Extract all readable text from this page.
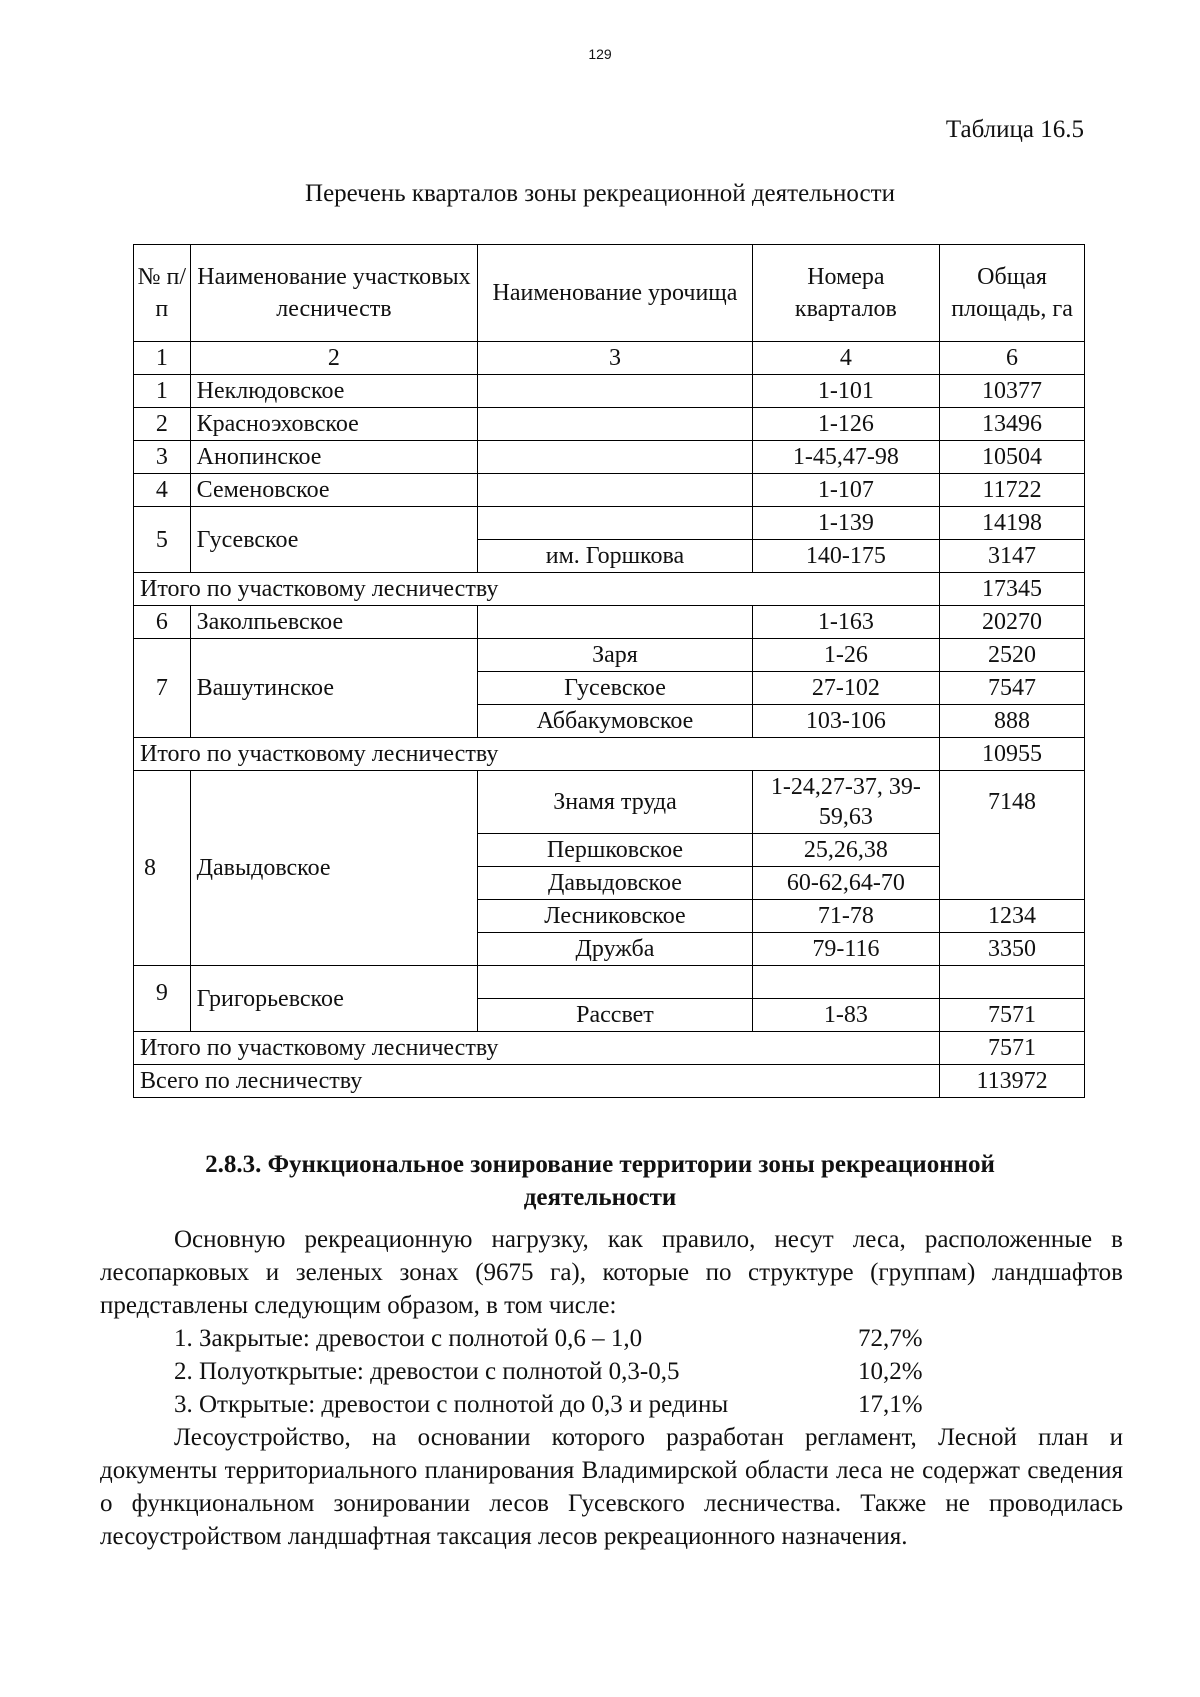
129
Таблица 16.5
Перечень кварталов зоны рекреационной деятельности
№ п/ п	Наименование участковых лесничеств	Наименование урочища	Номера кварталов	Общая площадь, га
1	2	3	4	6
1	Неклюдовское		1-101	10377
2	Красноэховское		1-126	13496
3	Анопинское		1-45,47-98	10504
4	Семеновское		1-107	11722
5	Гусевское		1-139	14198
		им. Горшкова	140-175	3147
Итого по участковому лесничеству				17345
6	Заколпьевское		1-163	20270
7	Вашутинское	Заря	1-26	2520
		Гусевское	27-102	7547
		Аббакумовское	103-106	888
Итого по участковому лесничеству				10955
8	Давыдовское	Знамя труда	1-24,27-37, 39-59,63	7148
		Першковское	25,26,38	
		Давыдовское	60-62,64-70	
		Лесниковское	71-78	1234
		Дружба	79-116	3350
9	Григорьевское			
		Рассвет	1-83	7571
Итого по участковому лесничеству				7571
Всего по лесничеству				113972
2.8.3. Функциональное зонирование территории зоны рекреационной
деятельности

Основную рекреационную нагрузку, как правило, несут леса, расположенные в лесопарковых и зеленых зонах (9675 га), которые по структуре (группам) ландшафтов представлены следующим образом, в том числе:

1. Закрытые: древостои с полнотой 0,6 – 1,0	72,7%
2. Полуоткрытые: древостои с полнотой 0,3-0,5	10,2%
3. Открытые: древостои с полнотой до 0,3 и редины	17,1%

Лесоустройство, на основании которого разработан регламент, Лесной план и документы территориального планирования Владимирской области леса не содержат сведения о функциональном зонировании лесов Гусевского лесничества. Также не проводилась лесоустройством ландшафтная таксация лесов рекреационного назначения.
